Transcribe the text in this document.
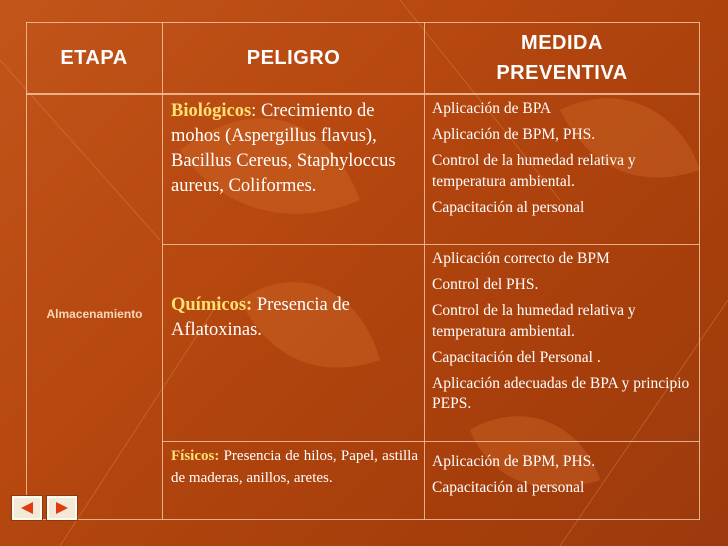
ETAPA	PELIGRO
MEDIDA
PREVENTIVA
Almacenamiento
Biológicos: Crecimiento de mohos (Aspergillus flavus), Bacillus Cereus, Staphyloccus aureus, Coliformes.
Aplicación de BPA
Aplicación de BPM, PHS.
Control de la humedad relativa y temperatura ambiental.
Capacitación al personal
Químicos: Presencia de Aflatoxinas.
Aplicación correcto de BPM
Control del PHS.
Control de la humedad relativa y temperatura ambiental.
Capacitación del Personal .
Aplicación adecuadas de BPA y principio PEPS.
Físicos: Presencia de hilos, Papel, astilla de maderas, anillos, aretes.
Aplicación de BPM, PHS.
Capacitación al personal
